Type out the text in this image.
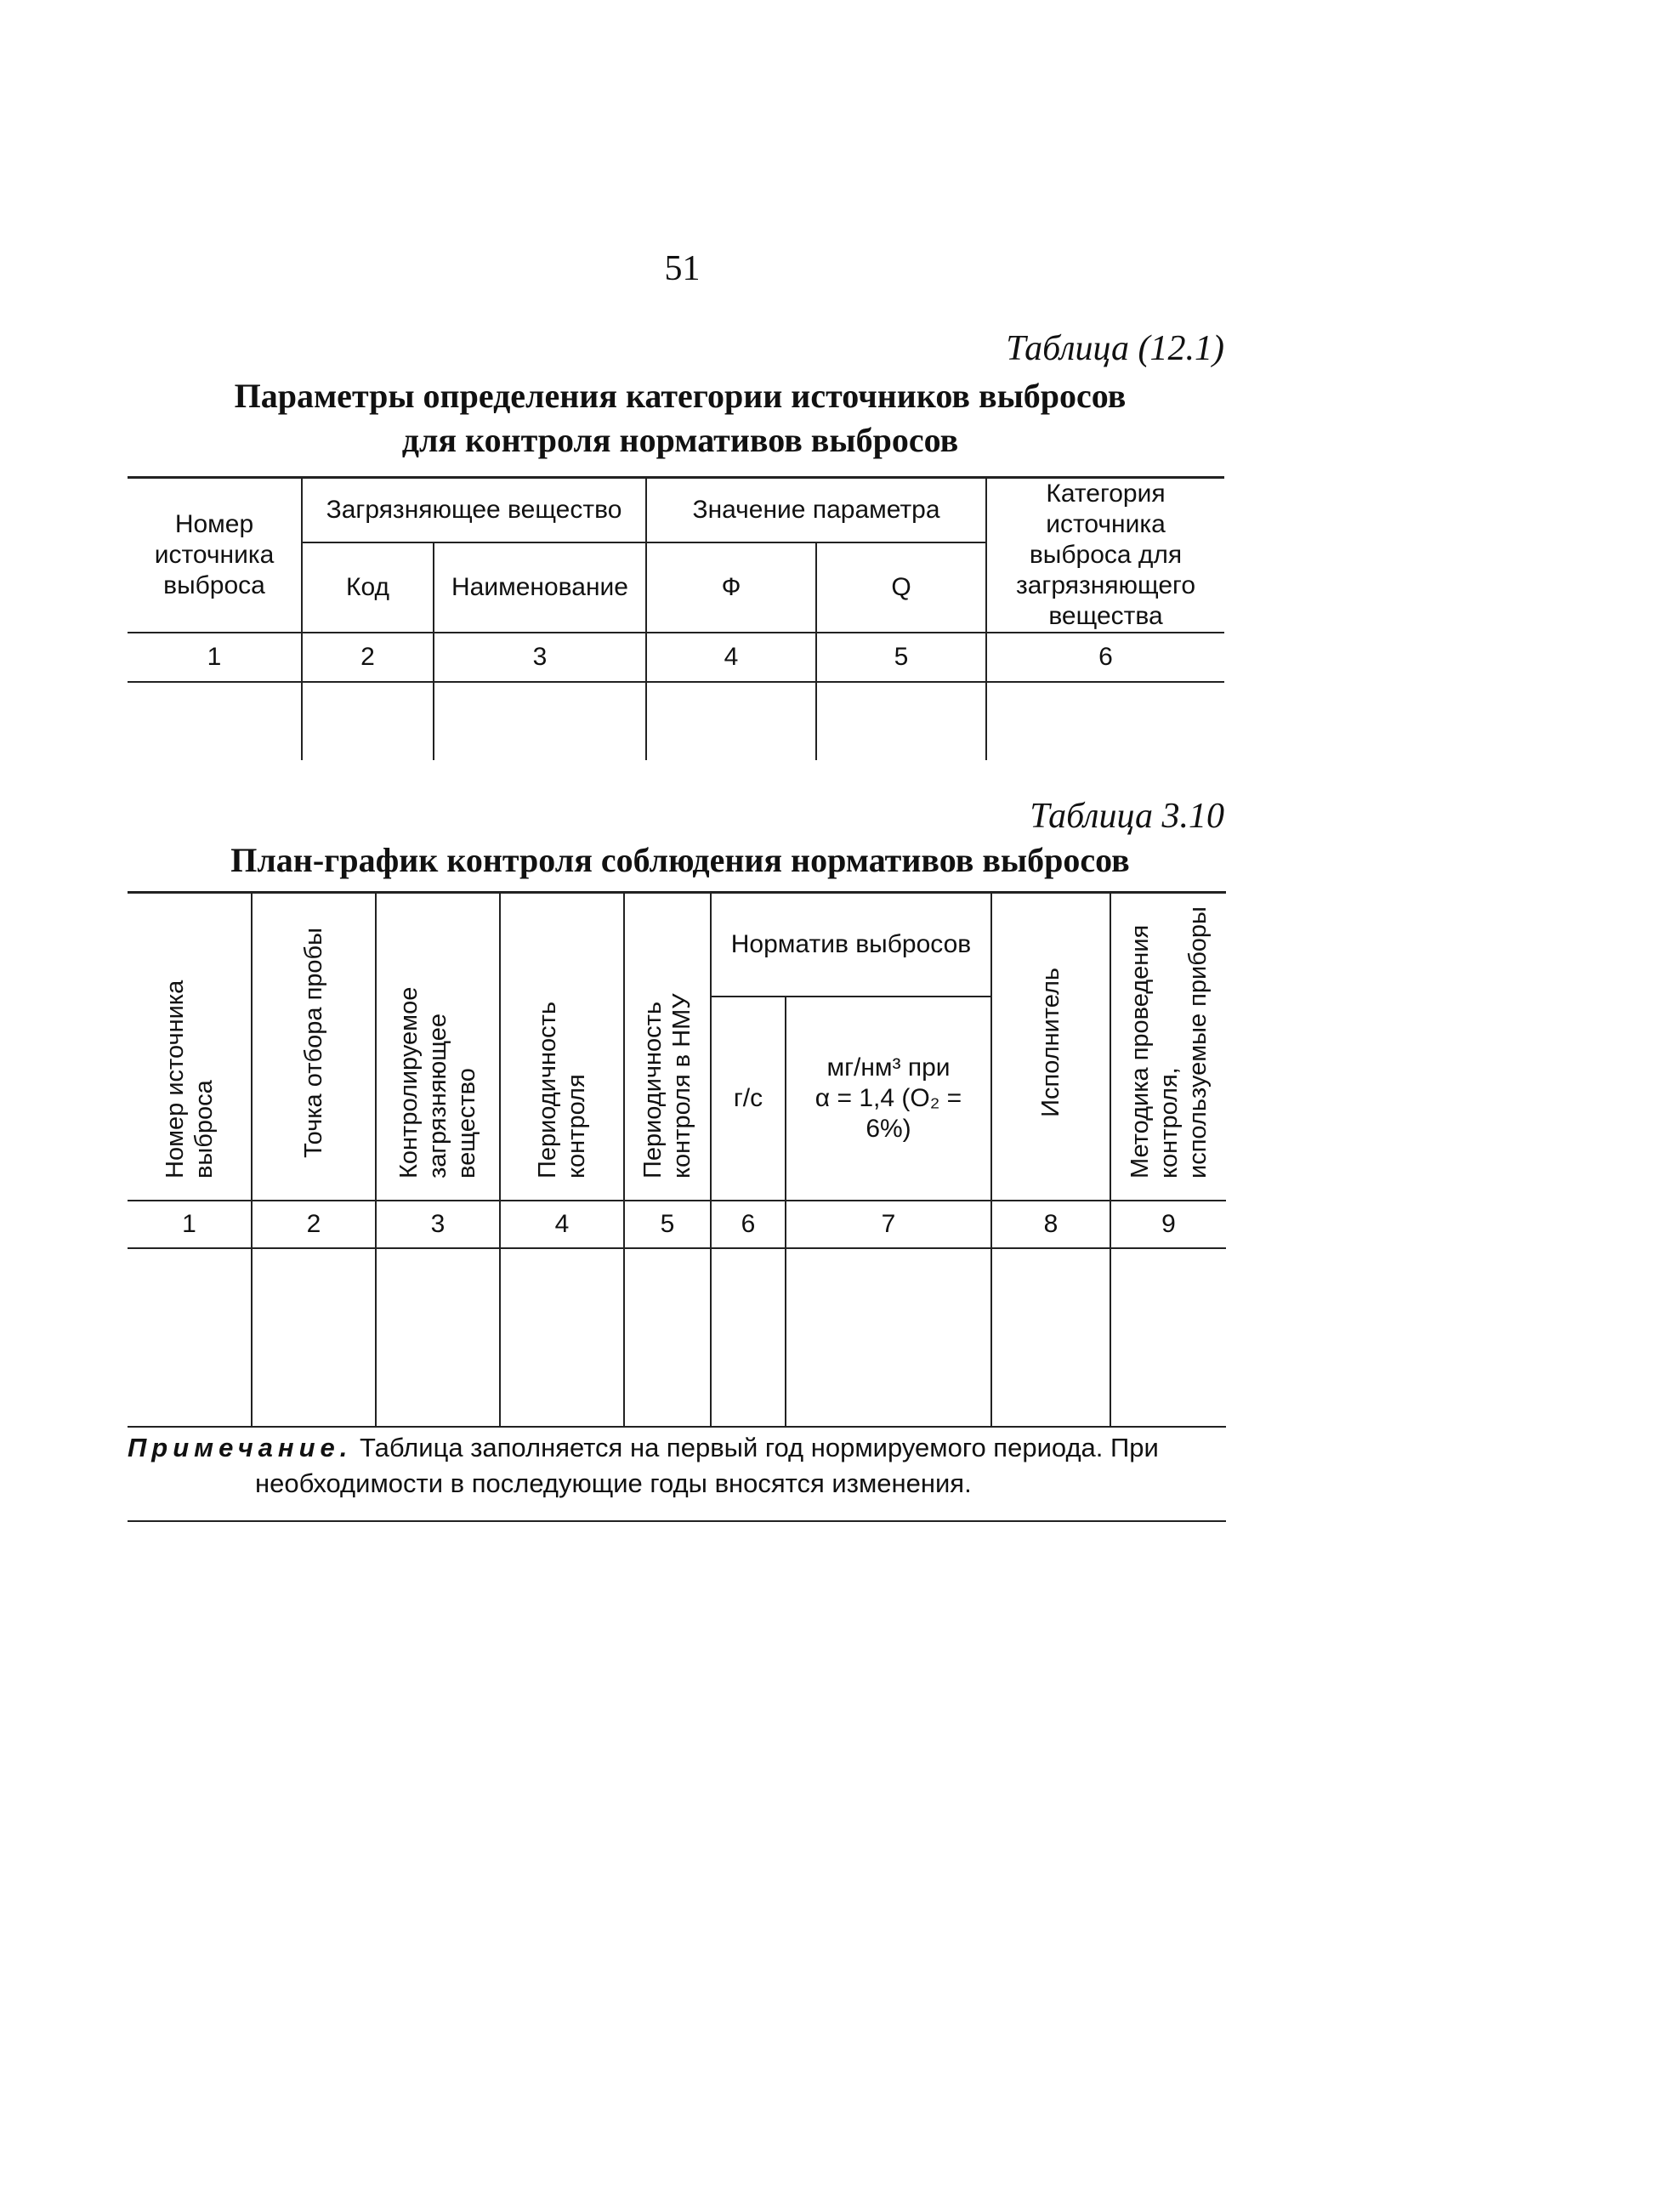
51
Таблица (12.1)
Параметры определения категории источников выбросов
для контроля нормативов выбросов
Номер источника выброса	Загрязняющее вещество		Значение параметра		Категория источника выброса для загрязняющего вещества
	Код	Наименование	Ф	Q	
1	2	3	4	5	6

Таблица 3.10
План-график контроля соблюдения нормативов выбросов
Номер источника выброса	Точка отбора пробы	Контролируемое загрязняющее вещество	Периодичность контроля	Периодичность контроля в НМУ	Норматив выбросов		Исполнитель	Методика проведения контроля, используемые приборы
					г/с	мг/нм³ при
α = 1,4 (O₂ = 6%)		

1	2	3	4	5	6	7	8	9

Примечание. Таблица заполняется на первый год нормируемого периода. При
необходимости в последующие годы вносятся изменения.
